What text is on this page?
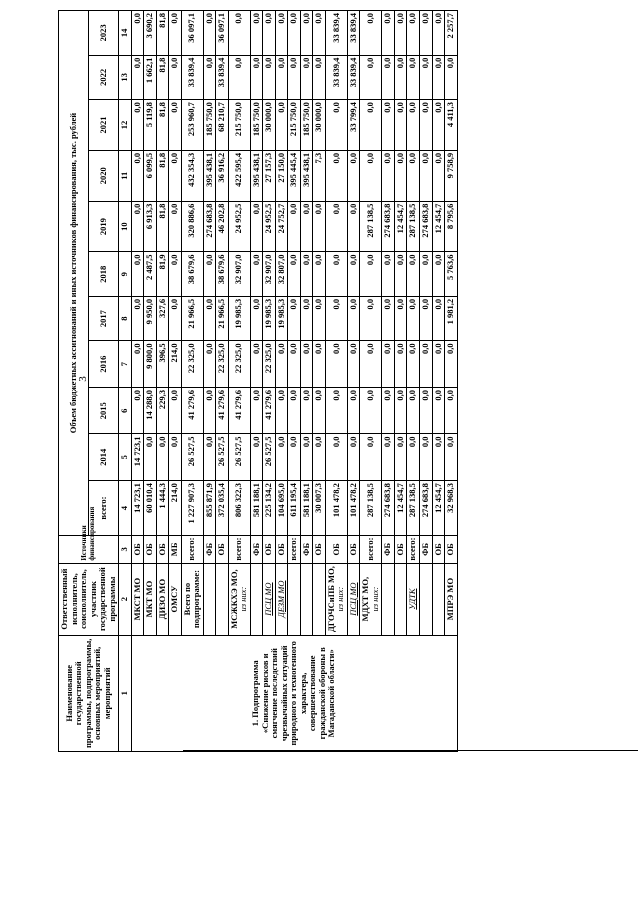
3
Наименование государственной программы, подпрограммы, основных мероприятий, мероприятий	Ответственный исполнитель, соисполнитель, участник государственной программы	Источники финансирования	Объем бюджетных ассигнований и иных источников финансирования, тыс. рублей										
			всего:	2014	2015	2016	2017	2018	2019	2020	2021	2022	2023
1	2	3	4	5	6	7	8	9	10	11	12	13	14
1. Подпрограмма «Снижение рисков и смягчение последствий чрезвычайных ситуаций природного и техногенного характера, совершенствование гражданской обороны в Магаданской области»	МКСТ МО	ОБ	14 723,1	14 723,1	0,0	0,0	0,0	0,0	0,0	0,0	0,0	0,0	0,0
	МКТ МО	ОБ	60 010,4	0,0	14 288,0	9 800,0	9 950,0	2 487,5	6 913,3	6 099,5	5 119,8	1 662,1	3 690,2
	ДИЗО МО	ОБ	1 444,3	0,0	229,3	396,5	327,6	81,9	81,8	81,8	81,8	81,8	81,8
	ОМСУ	МБ	214,0	0,0	0,0	214,0	0,0	0,0	0,0	0,0	0,0	0,0	0,0
	Всего по подпрограмме:	всего:	1 227 907,3	26 527,5	41 279,6	22 325,0	21 966,5	38 679,6	320 886,6	432 354,3	253 960,7	33 839,4	36 097,1
		ФБ	855 871,9	0,0	0,0	0,0	0,0	0,0	274 683,8	395 438,1	185 750,0	0,0	0,0
		ОБ	372 035,4	26 527,5	41 279,6	22 325,0	21 966,5	38 679,6	46 202,8	36 916,2	68 210,7	33 839,4	36 097,1
	МСЖКХЭ МО,
из них:	всего:	806 322,3	26 527,5	41 279,6	22 325,0	19 985,3	32 907,0	24 952,5	422 595,4	215 750,0	0,0	0,0
		ФБ	581 188,1	0,0	0,0	0,0	0,0	0,0	0,0	395 438,1	185 750,0	0,0	0,0
	ПСЦ МО	ОБ	225 134,2	26 527,5	41 279,6	22 325,0	19 985,3	32 907,0	24 952,5	27 157,3	30 000,0	0,0	0,0
	ДЕЗМ МО	ОБ	104 695,0	0,0	0,0	0,0	19 985,3	32 807,0	24 752,7	27 150,0	0,0	0,0	0,0
		всего:	611 195,4	0,0	0,0	0,0	0,0	0,0	0,0	395 445,4	215 750,0	0,0	0,0
		ФБ	581 188,1	0,0	0,0	0,0	0,0	0,0	0,0	395 438,1	185 750,0	0,0	0,0
		ОБ	30 007,3	0,0	0,0	0,0	0,0	0,0	0,0	7,3	30 000,0	0,0	0,0
	ДГОЧСиПБ МО,
из них:	ОБ	101 478,2	0,0	0,0	0,0	0,0	0,0	0,0	0,0	0,0	33 839,4	33 839,4
	ПСЦ МО	ОБ	101 478,2	0,0	0,0	0,0	0,0	0,0	0,0	0,0	33 799,4	33 839,4	33 839,4
	МДХТ МО,
из них:	всего:	287 138,5	0,0	0,0	0,0	0,0	0,0	287 138,5	0,0	0,0	0,0	0,0
		ФБ	274 683,8	0,0	0,0	0,0	0,0	0,0	274 683,8	0,0	0,0	0,0	0,0
		ОБ	12 454,7	0,0	0,0	0,0	0,0	0,0	12 454,7	0,0	0,0	0,0	0,0
	УДТК	всего:	287 138,5	0,0	0,0	0,0	0,0	0,0	287 138,5	0,0	0,0	0,0	0,0
		ФБ	274 683,8	0,0	0,0	0,0	0,0	0,0	274 683,8	0,0	0,0	0,0	0,0
		ОБ	12 454,7	0,0	0,0	0,0	0,0	0,0	12 454,7	0,0	0,0	0,0	0,0
	МПРЭ МО	ОБ	32 968,3	0,0	0,0	0,0	1 981,2	5 763,6	8 795,6	9 758,9	4 411,3	0,0	2 257,7
